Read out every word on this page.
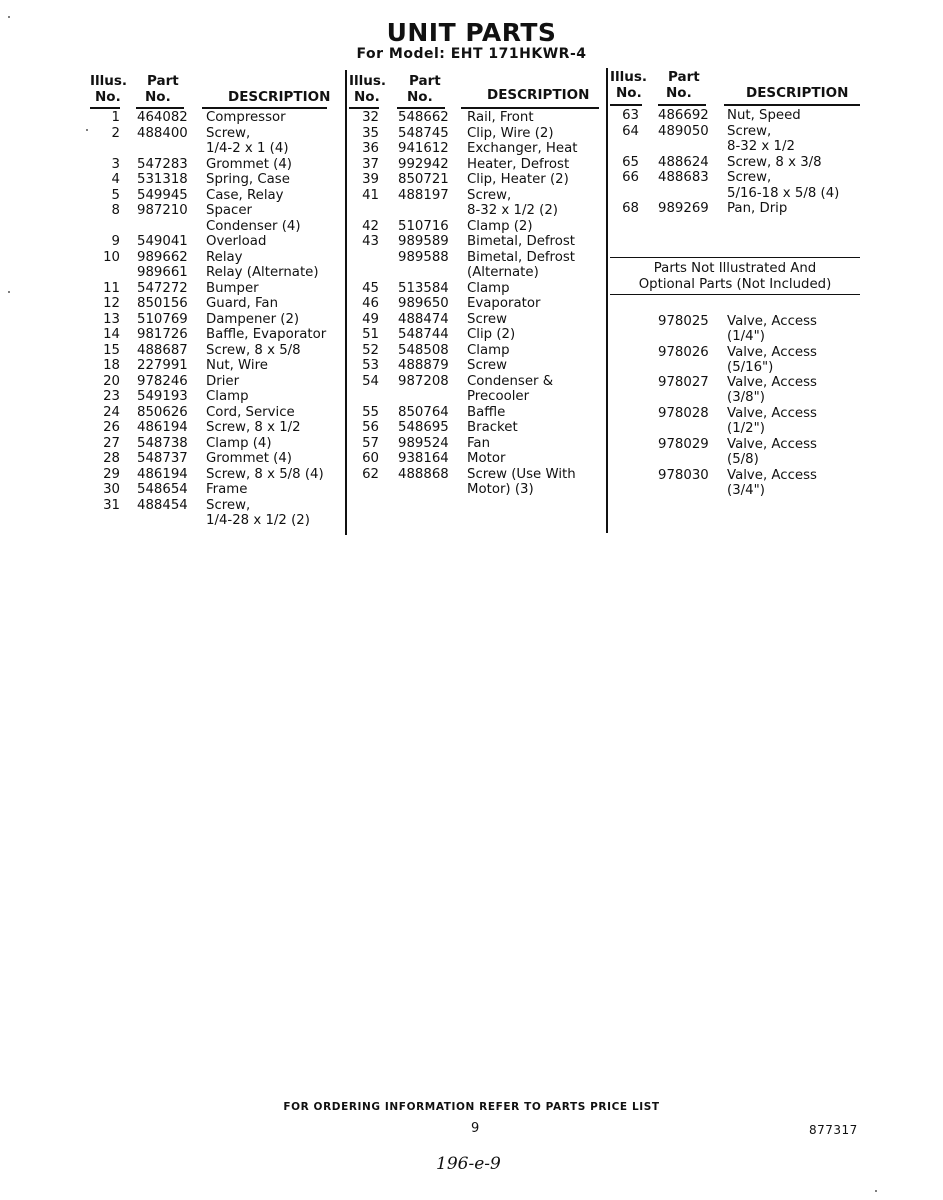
UNIT PARTS
For Model: EHT 171HKWR-4
Illus.
No.
Part
No.	DESCRIPTION
1 464082 Compressor
2 488400 Screw,
1/4-2 x 1 (4)
3 547283 Grommet (4)
4 531318 Spring, Case
5 549945 Case, Relay
8 987210 Spacer
Condenser (4)
9 549041 Overload
10 989662 Relay
989661 Relay (Alternate)
11 547272 Bumper
12 850156 Guard, Fan
13 510769 Dampener (2)
14 981726 Baffle, Evaporator
15 488687 Screw, 8 x 5/8
18 227991 Nut, Wire
20 978246 Drier
23 549193 Clamp
24 850626 Cord, Service
26 486194 Screw, 8 x 1/2
27 548738 Clamp (4)
28 548737 Grommet (4)
29 486194 Screw, 8 x 5/8 (4)
30 548654 Frame
31 488454 Screw,
1/4-28 x 1/2 (2)
Illus.
No.
Part
No.	DESCRIPTION
32 548662 Rail, Front
35 548745 Clip, Wire (2)
36 941612 Exchanger, Heat
37 992942 Heater, Defrost
39 850721 Clip, Heater (2)
41 488197 Screw,
8-32 x 1/2 (2)
42 510716 Clamp (2)
43 989589 Bimetal, Defrost
989588 Bimetal, Defrost
(Alternate)
45 513584 Clamp
46 989650 Evaporator
49 488474 Screw
51 548744 Clip (2)
52 548508 Clamp
53 488879 Screw
54 987208 Condenser &
Precooler
55 850764 Baffle
56 548695 Bracket
57 989524 Fan
60 938164 Motor
62 488868 Screw (Use With
Motor) (3)
Illus.
No.
Part
No.	DESCRIPTION
63 486692 Nut, Speed
64 489050 Screw,
8-32 x 1/2
65 488624 Screw, 8 x 3/8
66 488683 Screw,
5/16-18 x 5/8 (4)
68 989269 Pan, Drip
Parts Not Illustrated And
Optional Parts (Not Included)
978025 Valve, Access
(1/4")
978026 Valve, Access
(5/16")
978027 Valve, Access
(3/8")
978028 Valve, Access
(1/2")
978029 Valve, Access
(5/8)
978030 Valve, Access
(3/4")
FOR ORDERING INFORMATION REFER TO PARTS PRICE LIST
9	877317
196-e-9
